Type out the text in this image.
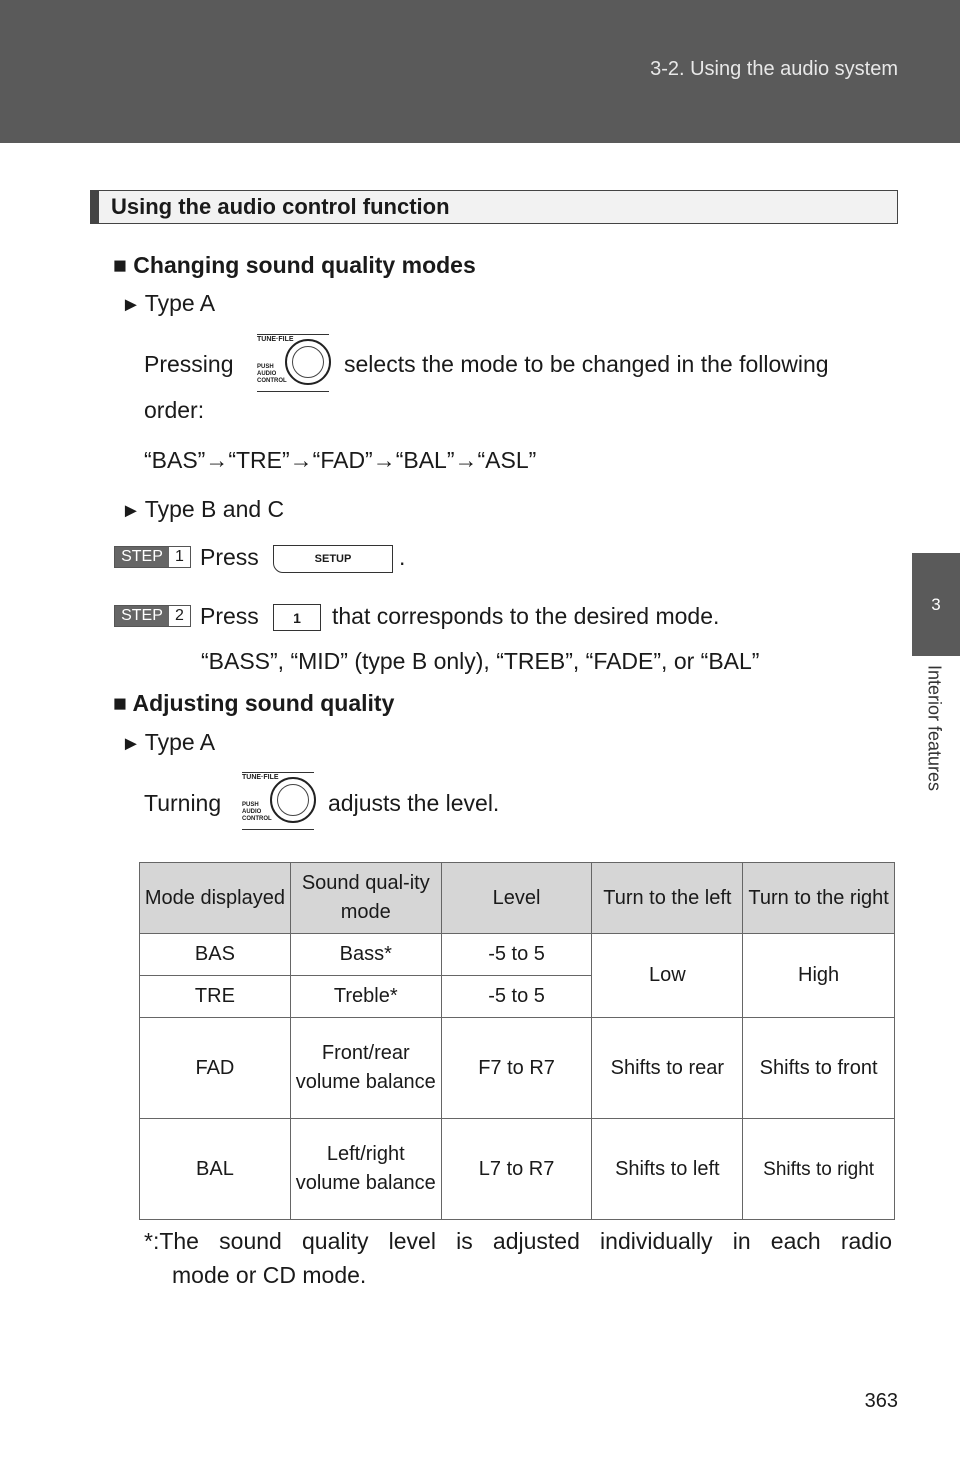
3-2. Using the audio system
3
Interior features
Using the audio control function
■ Changing sound quality modes
► Type A
Pressing
TUNE·FILE
PUSH AUDIO CONTROL
selects the mode to be changed in the following
order:
“BAS”→“TRE”→“FAD”→“BAL”→“ASL”
► Type B and C
STEP 1 Press	SETUP	.
STEP 2 Press	1	that corresponds to the desired mode.
“BASS”, “MID” (type B only), “TREB”, “FADE”, or “BAL”
■ Adjusting sound quality
► Type A
Turning
TUNE·FILE
PUSH AUDIO CONTROL
adjusts the level.
Mode displayed	Sound qual-ity mode	Level	Turn to the left	Turn to the right
BAS	Bass*	-5 to 5	Low	High
TRE	Treble*	-5 to 5		
FAD	Front/rear volume balance	F7 to R7	Shifts to rear	Shifts to front
BAL	Left/right volume balance	L7 to R7	Shifts to left	Shifts to right
*:The sound quality level is adjusted individually in each radio
mode or CD mode.
363
